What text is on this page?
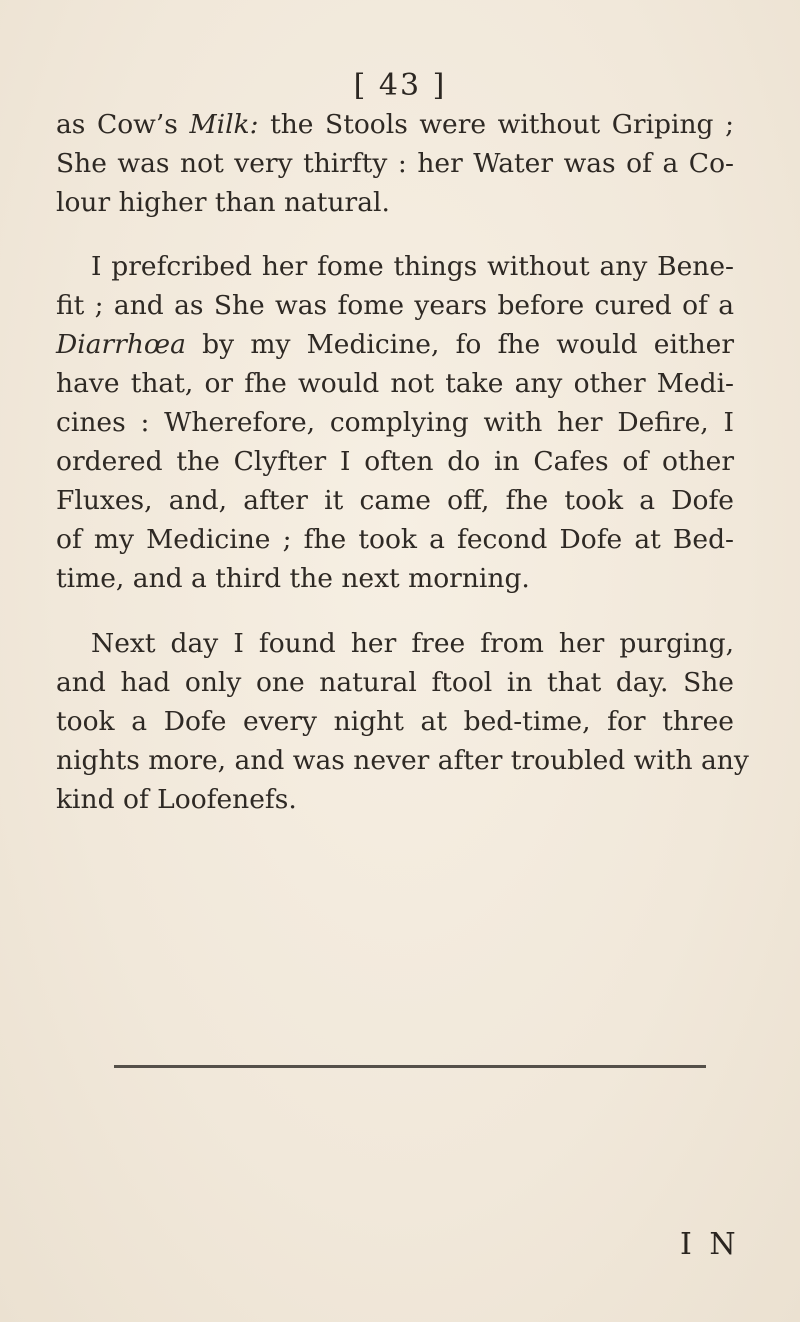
[ 43 ]
as Cow’s Milk: the Stools were without Griping ;
She was not very thirfty : her Water was of a Co-
lour higher than natural.
I prefcribed her fome things without any Bene-
fit ; and as She was fome years before cured of a
Diarrhœa by my Medicine, fo fhe would either
have that, or fhe would not take any other Medi-
cines : Wherefore, complying with her Defire, I
ordered the Clyfter I often do in Cafes of other
Fluxes, and, after it came off, fhe took a Dofe
of my Medicine ; fhe took a fecond Dofe at Bed-
time, and a third the next morning.
Next day I found her free from her purging,
and had only one natural ftool in that day. She
took a Dofe every night at bed-time, for three
nights more, and was never after troubled with any
kind of Loofenefs.
I N
